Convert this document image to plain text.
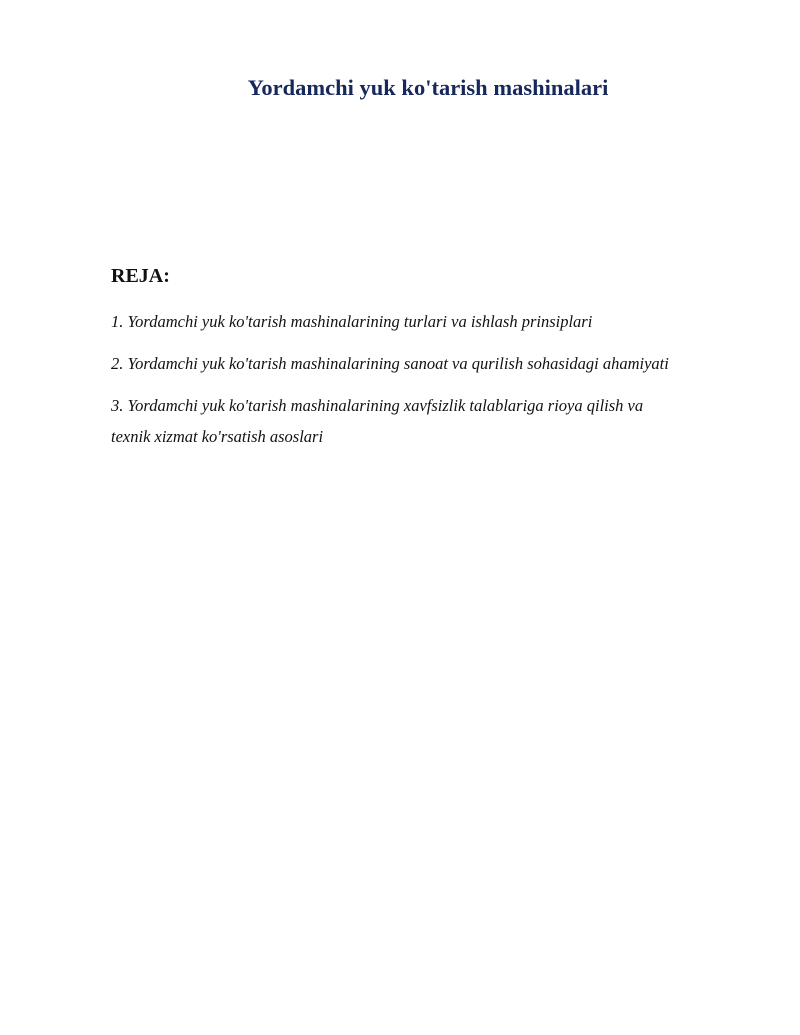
Yordamchi yuk ko'tarish mashinalari
REJA:
1. Yordamchi yuk ko'tarish mashinalarining turlari va ishlash prinsiplari
2. Yordamchi yuk ko'tarish mashinalarining sanoat va qurilish sohasidagi ahamiyati
3. Yordamchi yuk ko'tarish mashinalarining xavfsizlik talablariga rioya qilish va
texnik xizmat ko'rsatish asoslari
